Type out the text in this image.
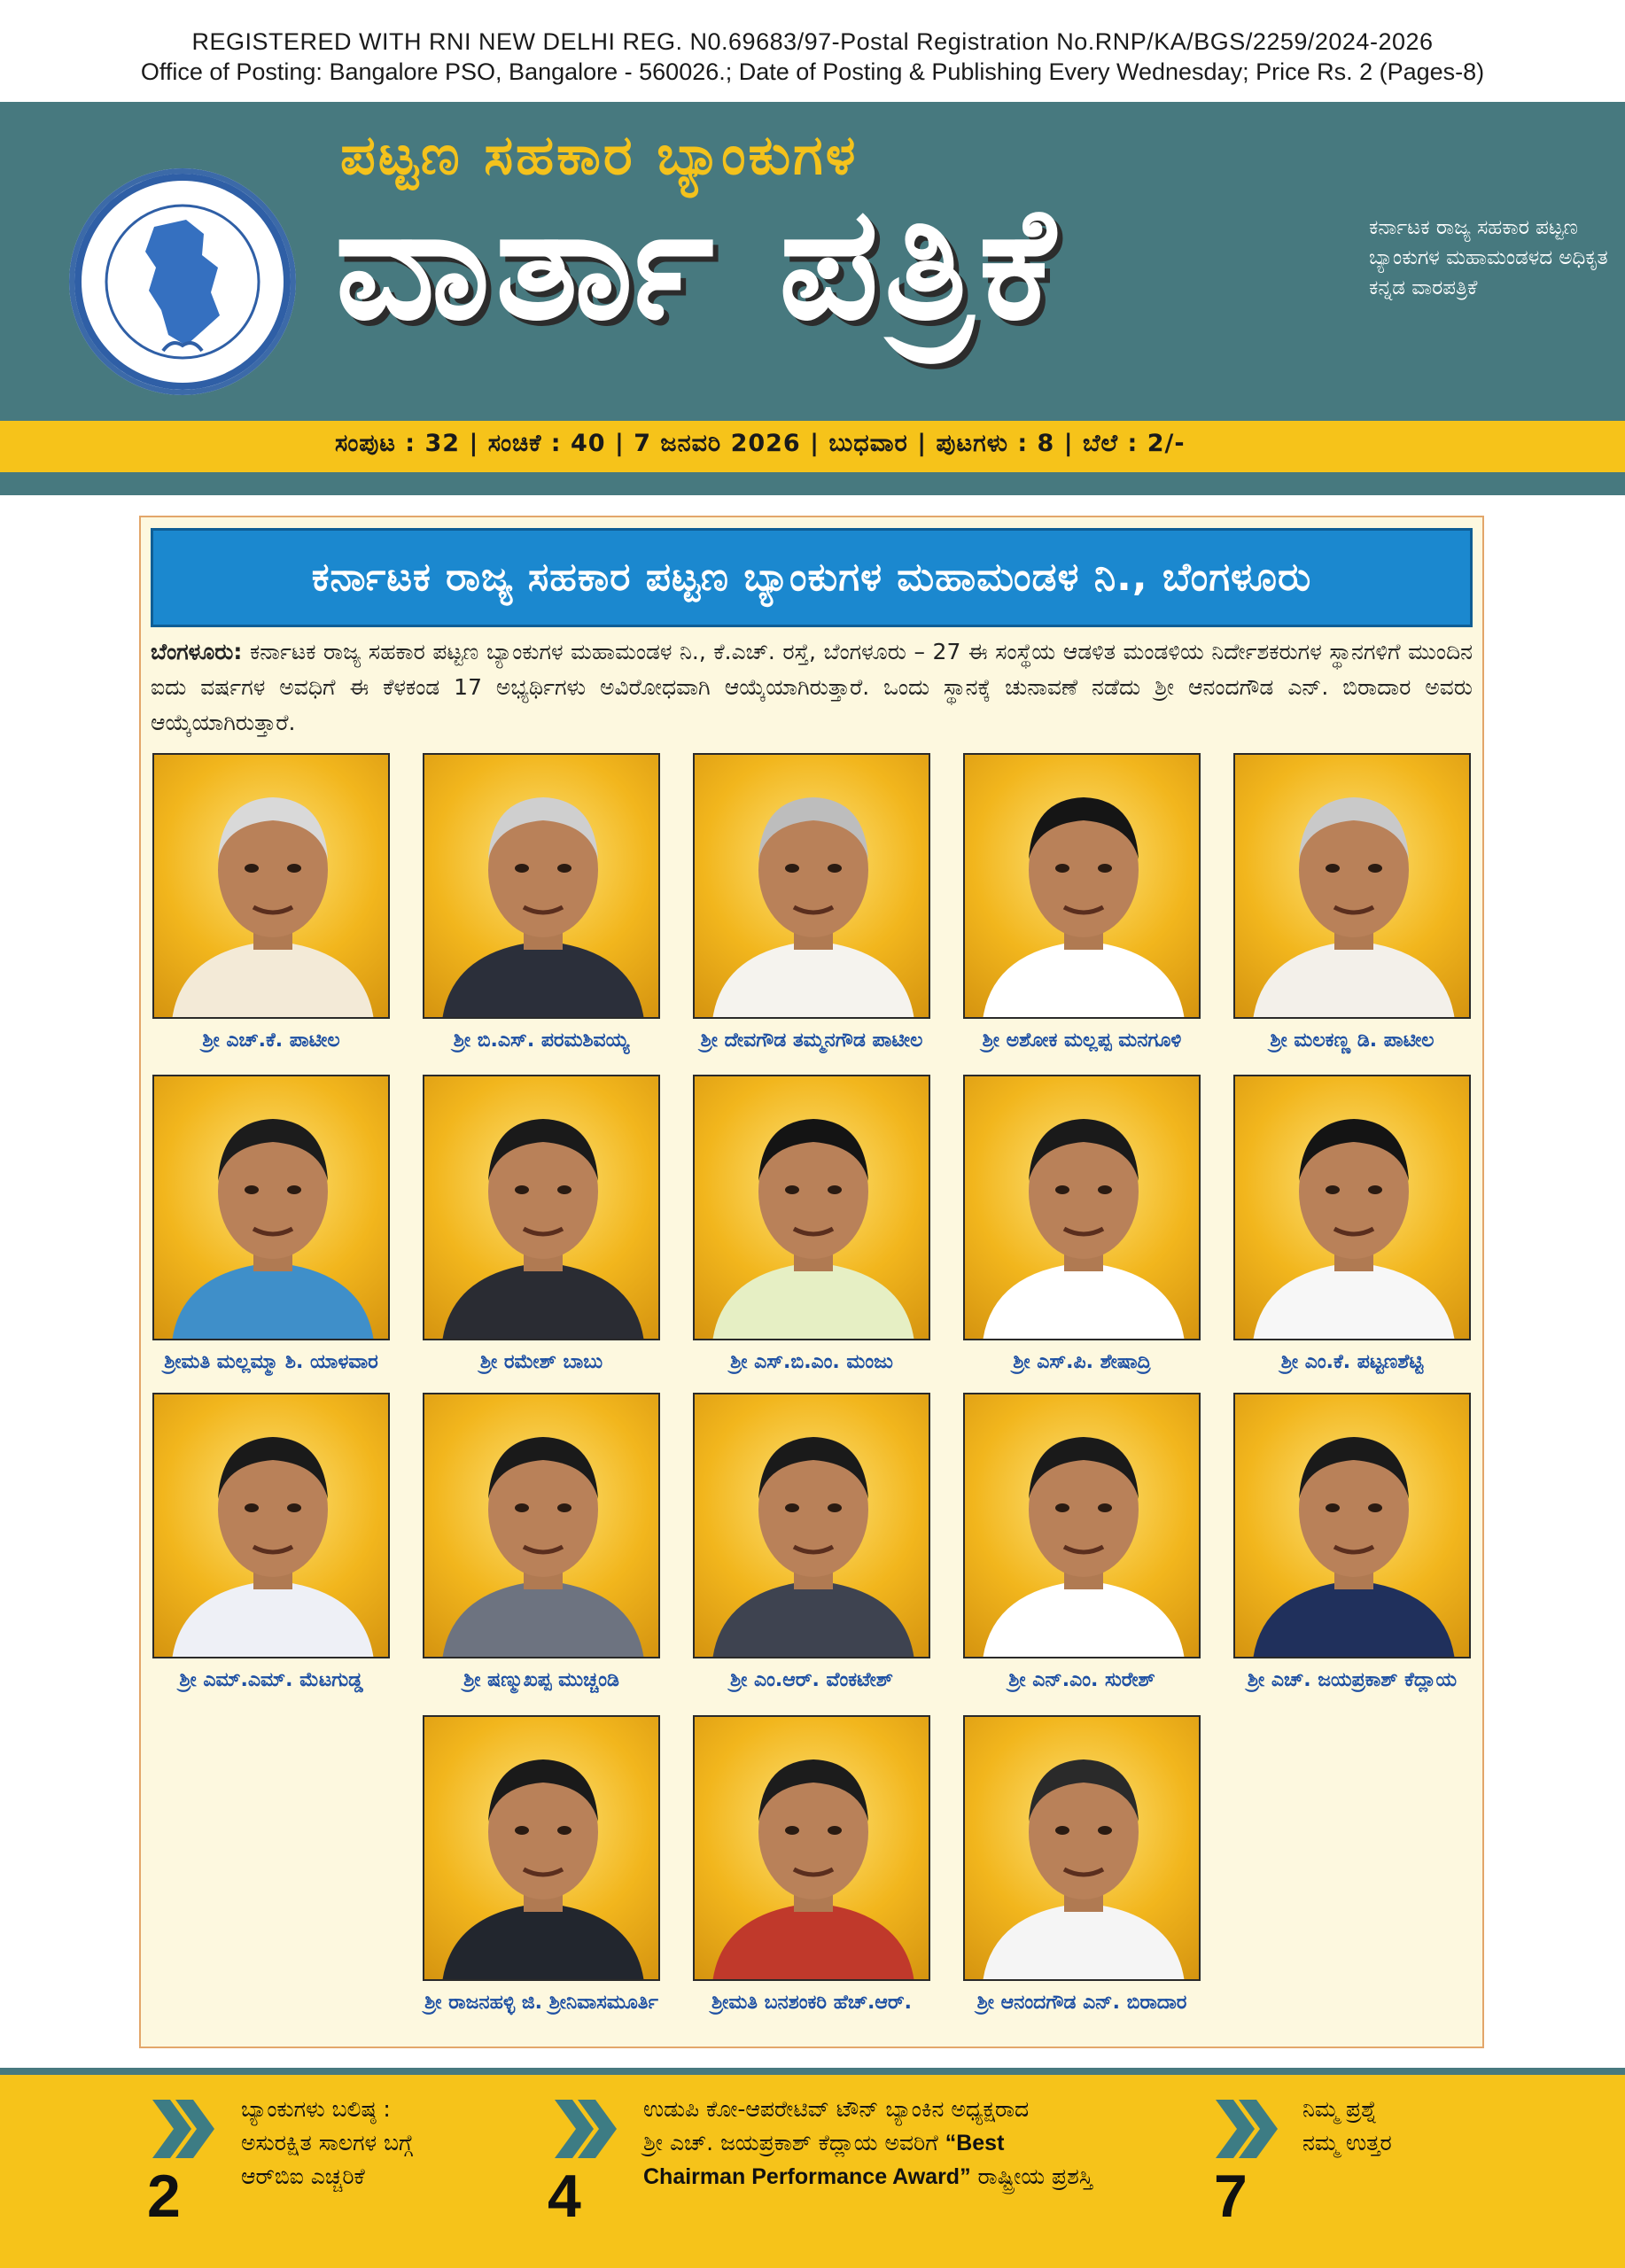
REGISTERED WITH RNI NEW DELHI REG. N0.69683/97-Postal Registration No.RNP/KA/BGS/2259/2024-2026
Office of Posting: Bangalore PSO, Bangalore - 560026.; Date of Posting & Publishing Every Wednesday; Price Rs. 2 (Pages-8)
ಪಟ್ಟಣ ಸಹಕಾರ ಬ್ಯಾಂಕುಗಳ
ವಾರ್ತಾ ಪತ್ರಿಕೆ	ಕರ್ನಾಟಕ ರಾಜ್ಯ ಸಹಕಾರ ಪಟ್ಟಣ ಬ್ಯಾಂಕುಗಳ ಮಹಾಮಂಡಳದ ಅಧಿಕೃತ ಕನ್ನಡ ವಾರಪತ್ರಿಕೆ
ಸಂಪುಟ : 32 | ಸಂಚಿಕೆ : 40 | 7 ಜನವರಿ 2026 | ಬುಧವಾರ | ಪುಟಗಳು : 8 | ಬೆಲೆ : 2/-
ಕರ್ನಾಟಕ ರಾಜ್ಯ ಸಹಕಾರ ಪಟ್ಟಣ ಬ್ಯಾಂಕುಗಳ ಮಹಾಮಂಡಳ ನಿ., ಬೆಂಗಳೂರು
ಬೆಂಗಳೂರು: ಕರ್ನಾಟಕ ರಾಜ್ಯ ಸಹಕಾರ ಪಟ್ಟಣ ಬ್ಯಾಂಕುಗಳ ಮಹಾಮಂಡಳ ನಿ., ಕೆ.ಎಚ್. ರಸ್ತೆ, ಬೆಂಗಳೂರು – 27 ಈ ಸಂಸ್ಥೆಯ ಆಡಳಿತ ಮಂಡಳಿಯ ನಿರ್ದೇಶಕರುಗಳ ಸ್ಥಾನಗಳಿಗೆ ಮುಂದಿನ ಐದು ವರ್ಷಗಳ ಅವಧಿಗೆ ಈ ಕೆಳಕಂಡ 17 ಅಭ್ಯರ್ಥಿಗಳು ಅವಿರೋಧವಾಗಿ ಆಯ್ಕೆಯಾಗಿರುತ್ತಾರೆ. ಒಂದು ಸ್ಥಾನಕ್ಕೆ ಚುನಾವಣೆ ನಡೆದು ಶ್ರೀ ಆನಂದಗೌಡ ಎನ್. ಬಿರಾದಾರ ಅವರು ಆಯ್ಕೆಯಾಗಿರುತ್ತಾರೆ.
ಶ್ರೀ ಎಚ್.ಕೆ. ಪಾಟೀಲ	ಶ್ರೀ ಬಿ.ಎಸ್. ಪರಮಶಿವಯ್ಯ	ಶ್ರೀ ದೇವಗೌಡ ತಮ್ಮನಗೌಡ ಪಾಟೀಲ	ಶ್ರೀ ಅಶೋಕ ಮಲ್ಲಪ್ಪ ಮನಗೂಳಿ	ಶ್ರೀ ಮಲಕಣ್ಣ ಡಿ. ಪಾಟೀಲ
ಶ್ರೀಮತಿ ಮಲ್ಲಮ್ಮಾ ಶಿ. ಯಾಳವಾರ	ಶ್ರೀ ರಮೇಶ್ ಬಾಬು	ಶ್ರೀ ಎಸ್.ಬಿ.ಎಂ. ಮಂಜು	ಶ್ರೀ ಎಸ್.ಪಿ. ಶೇಷಾದ್ರಿ	ಶ್ರೀ ಎಂ.ಕೆ. ಪಟ್ಟಣಶೆಟ್ಟಿ
ಶ್ರೀ ಎಮ್.ಎಮ್. ಮೆಟಗುಡ್ಡ	ಶ್ರೀ ಷಣ್ಮುಖಪ್ಪ ಮುಚ್ಚಂಡಿ	ಶ್ರೀ ಎಂ.ಆರ್. ವೆಂಕಟೇಶ್	ಶ್ರೀ ಎನ್.ಎಂ. ಸುರೇಶ್	ಶ್ರೀ ಎಚ್. ಜಯಪ್ರಕಾಶ್ ಕೆದ್ಲಾಯ
ಶ್ರೀ ರಾಜನಹಳ್ಳಿ ಜಿ. ಶ್ರೀನಿವಾಸಮೂರ್ತಿ	ಶ್ರೀಮತಿ ಬನಶಂಕರಿ ಹೆಚ್.ಆರ್.	ಶ್ರೀ ಆನಂದಗೌಡ ಎನ್. ಬಿರಾದಾರ
2
ಬ್ಯಾಂಕುಗಳು ಬಲಿಷ್ಠ :
ಅಸುರಕ್ಷಿತ ಸಾಲಗಳ ಬಗ್ಗೆ
ಆರ್‌ಬಿಐ ಎಚ್ಚರಿಕೆ	4
ಉಡುಪಿ ಕೋ-ಆಪರೇಟಿವ್ ಟೌನ್ ಬ್ಯಾಂಕಿನ ಅಧ್ಯಕ್ಷರಾದ
ಶ್ರೀ ಎಚ್. ಜಯಪ್ರಕಾಶ್ ಕೆದ್ಲಾಯ ಅವರಿಗೆ “Best
Chairman Performance Award” ರಾಷ್ಟ್ರೀಯ ಪ್ರಶಸ್ತಿ 7
ನಿಮ್ಮ ಪ್ರಶ್ನೆ
ನಮ್ಮ ಉತ್ತರ
